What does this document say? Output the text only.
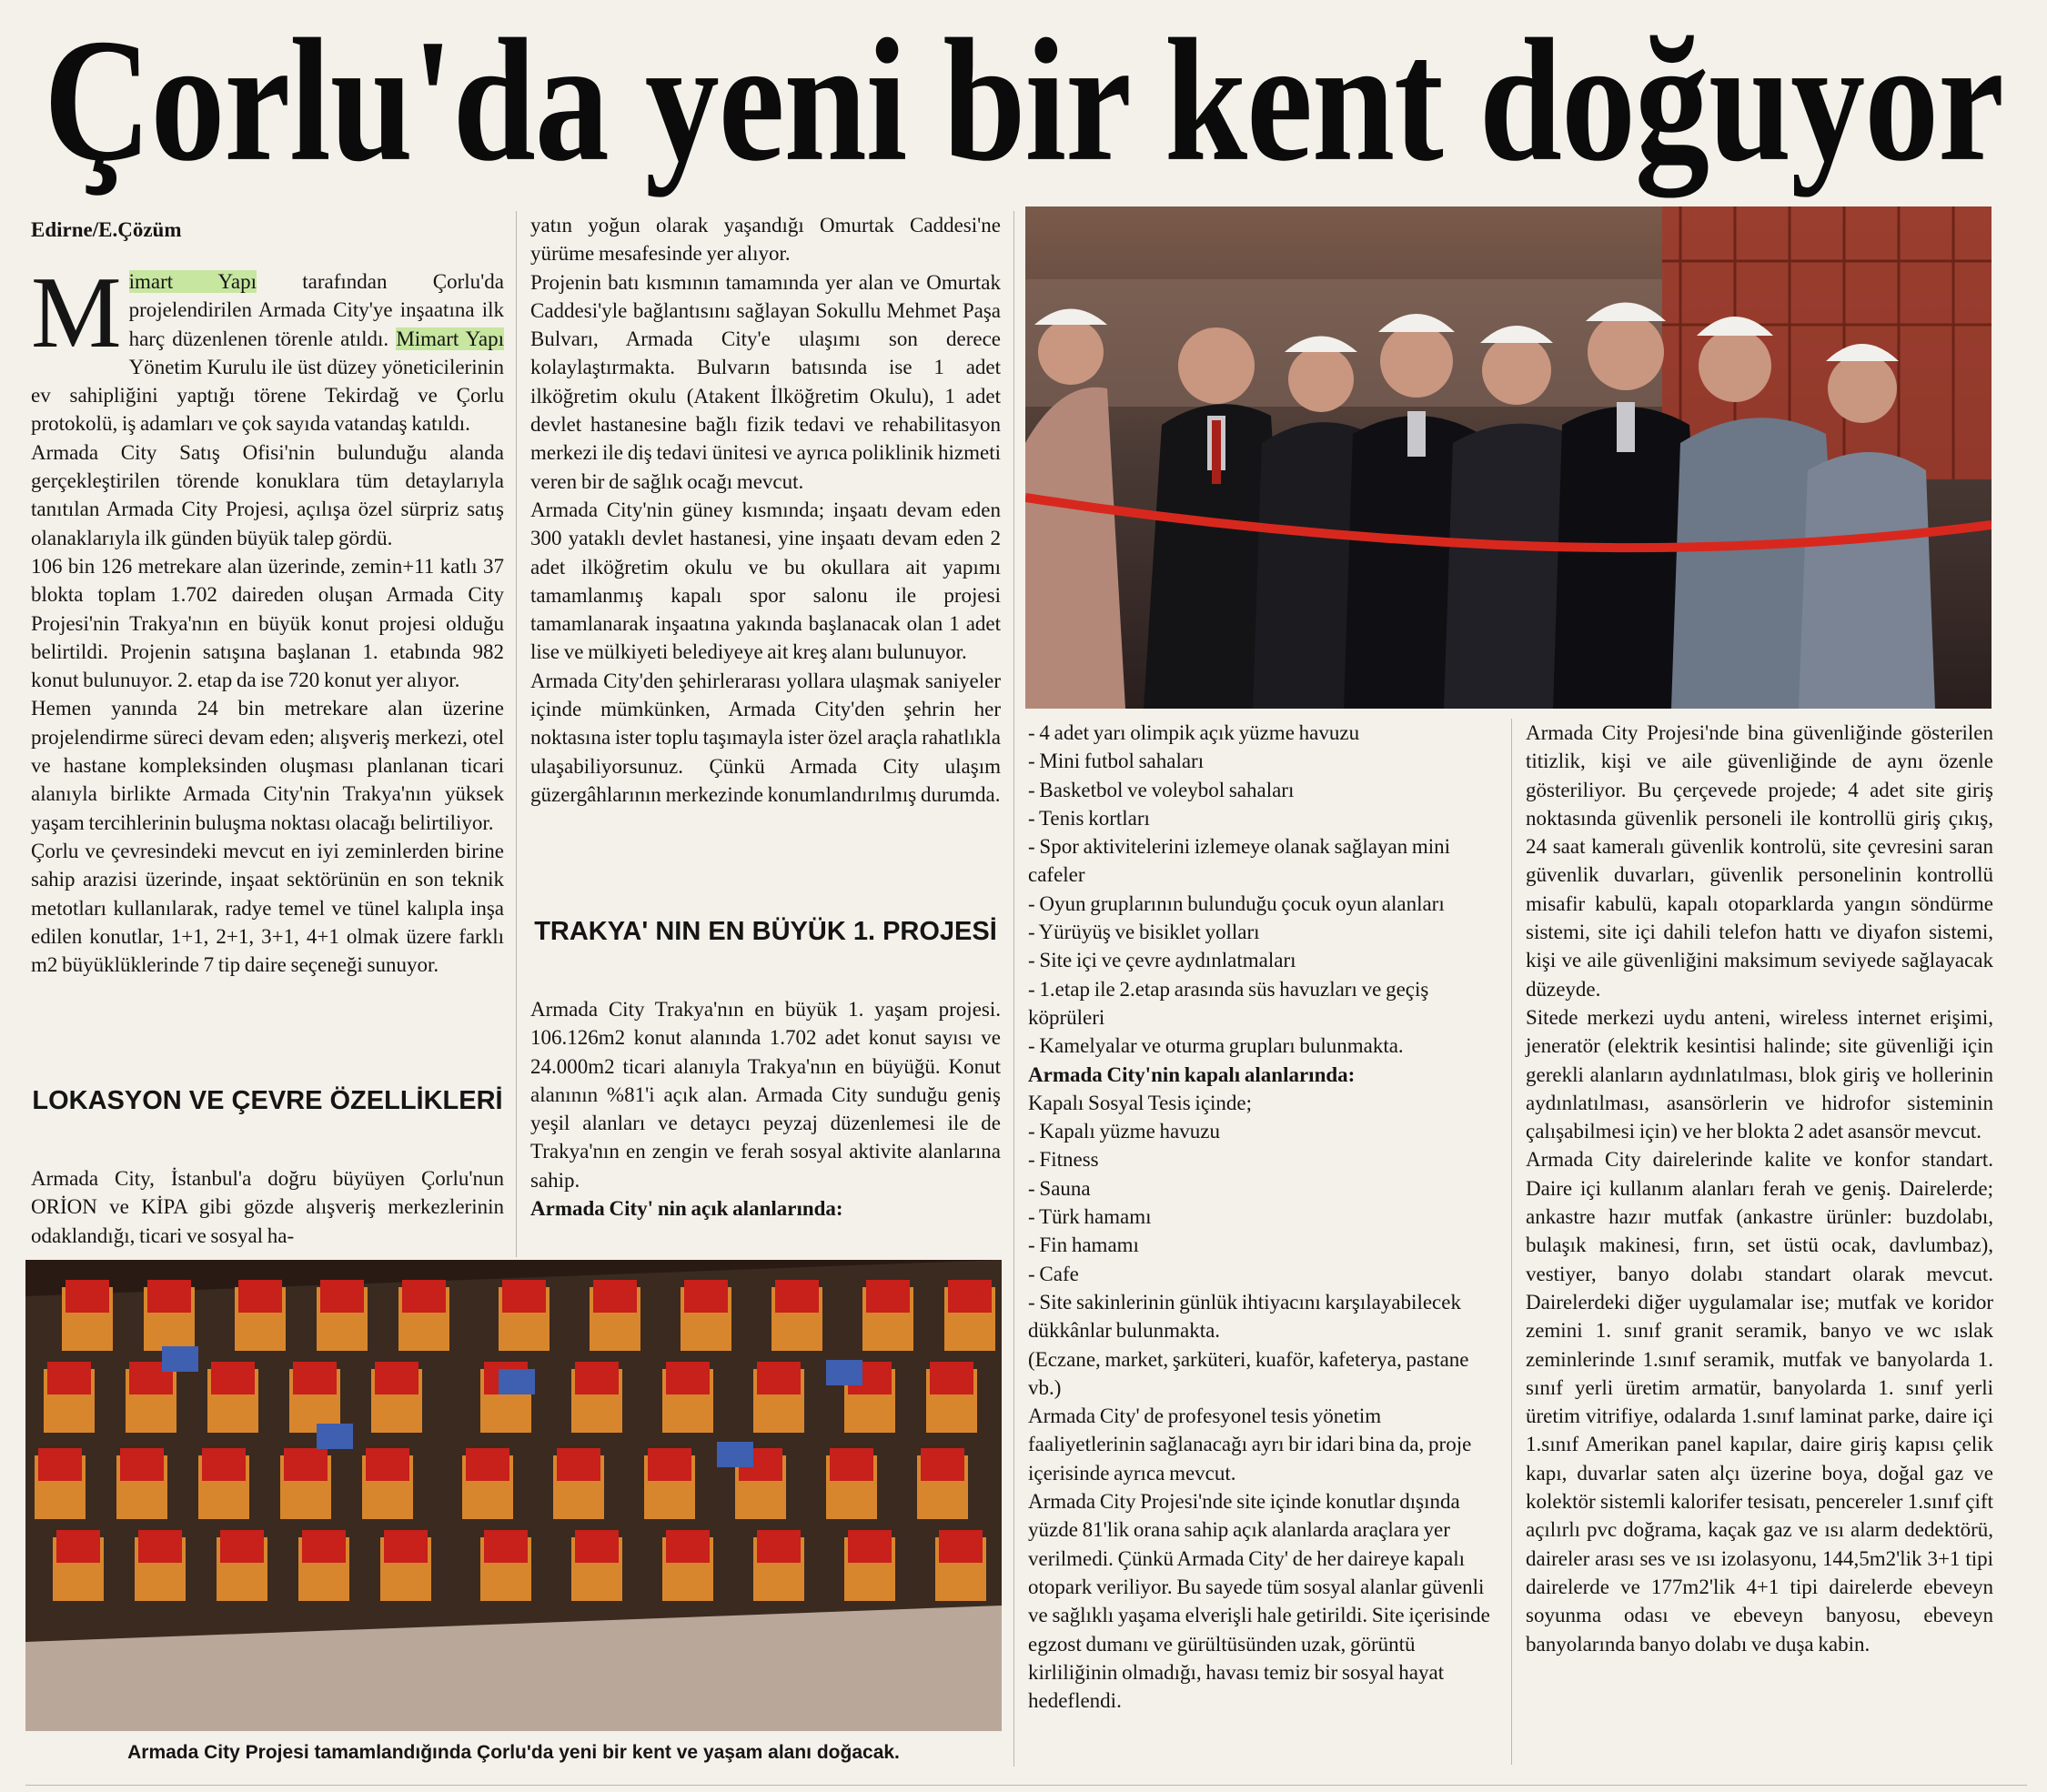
Çorlu'da yeni bir kent doğuyor

Edirne/E.Çözüm

Mimart Yapı tarafından Çorlu'da projelendirilen Armada City'ye inşaatına ilk harç düzenlenen törenle atıldı. Mimart Yapı Yönetim Kurulu ile üst düzey yöneticilerinin ev sahipliğini yaptığı törene Tekirdağ ve Çorlu protokolü, iş adamları ve çok sayıda vatandaş katıldı.

Armada City Satış Ofisi'nin bulunduğu alanda gerçekleştirilen törende konuklara tüm detaylarıyla tanıtılan Armada City Projesi, açılışa özel sürpriz satış olanaklarıyla ilk günden büyük talep gördü.

106 bin 126 metrekare alan üzerinde, zemin+11 katlı 37 blokta toplam 1.702 daireden oluşan Armada City Projesi'nin Trakya'nın en büyük konut projesi olduğu belirtildi. Projenin satışına başlanan 1. etabında 982 konut bulunuyor. 2. etap da ise 720 konut yer alıyor.

Hemen yanında 24 bin metrekare alan üzerine projelendirme süreci devam eden; alışveriş merkezi, otel ve hastane kompleksinden oluşması planlanan ticari alanıyla birlikte Armada City'nin Trakya'nın yüksek yaşam tercihlerinin buluşma noktası olacağı belirtiliyor.

Çorlu ve çevresindeki mevcut en iyi zeminlerden birine sahip arazisi üzerinde, inşaat sektörünün en son teknik metotları kullanılarak, radye temel ve tünel kalıpla inşa edilen konutlar, 1+1, 2+1, 3+1, 4+1 olmak üzere farklı m2 büyüklüklerinde 7 tip daire seçeneği sunuyor.

LOKASYON VE ÇEVRE ÖZELLİKLERİ

Armada City, İstanbul'a doğru büyüyen Çorlu'nun ORİON ve KİPA gibi gözde alışveriş merkezlerinin odaklandığı, ticari ve sosyal ha-

yatın yoğun olarak yaşandığı Omurtak Caddesi'ne yürüme mesafesinde yer alıyor.

Projenin batı kısmının tamamında yer alan ve Omurtak Caddesi'yle bağlantısını sağlayan Sokullu Mehmet Paşa Bulvarı, Armada City'e ulaşımı son derece kolaylaştırmakta. Bulvarın batısında ise 1 adet ilköğretim okulu (Atakent İlköğretim Okulu), 1 adet devlet hastanesine bağlı fizik tedavi ve rehabilitasyon merkezi ile diş tedavi ünitesi ve ayrıca poliklinik hizmeti veren bir de sağlık ocağı mevcut.

Armada City'nin güney kısmında; inşaatı devam eden 300 yataklı devlet hastanesi, yine inşaatı devam eden 2 adet ilköğretim okulu ve bu okullara ait yapımı tamamlanmış kapalı spor salonu ile projesi tamamlanarak inşaatına yakında başlanacak olan 1 adet lise ve mülkiyeti belediyeye ait kreş alanı bulunuyor.

Armada City'den şehirlerarası yollara ulaşmak saniyeler içinde mümkünken, Armada City'den şehrin her noktasına ister toplu taşımayla ister özel araçla rahatlıkla ulaşabiliyorsunuz. Çünkü Armada City ulaşım güzergâhlarının merkezinde konumlandırılmış durumda.

TRAKYA' NIN EN BÜYÜK 1. PROJESİ

Armada City Trakya'nın en büyük 1. yaşam projesi. 106.126m2 konut alanında 1.702 adet konut sayısı ve 24.000m2 ticari alanıyla Trakya'nın en büyüğü. Konut alanının %81'i açık alan. Armada City sunduğu geniş yeşil alanları ve detaycı peyzaj düzenlemesi ile de Trakya'nın en zengin ve ferah sosyal aktivite alanlarına sahip.

Armada City' nin açık alanlarında:

- 4 adet yarı olimpik açık yüzme havuzu

- Mini futbol sahaları

- Basketbol ve voleybol sahaları

- Tenis kortları

- Spor aktivitelerini izlemeye olanak sağlayan mini cafeler

- Oyun gruplarının bulunduğu çocuk oyun alanları

- Yürüyüş ve bisiklet yolları

- Site içi ve çevre aydınlatmaları

- 1.etap ile 2.etap arasında süs havuzları ve geçiş köprüleri

- Kamelyalar ve oturma grupları bulunmakta.

Armada City'nin kapalı alanlarında:

Kapalı Sosyal Tesis içinde;

- Kapalı yüzme havuzu

- Fitness

- Sauna

- Türk hamamı

- Fin hamamı

- Cafe

- Site sakinlerinin günlük ihtiyacını karşılayabilecek dükkânlar bulunmakta.

(Eczane, market, şarküteri, kuaför, kafeterya, pastane vb.)

Armada City' de profesyonel tesis yönetim faaliyetlerinin sağlanacağı ayrı bir idari bina da, proje içerisinde ayrıca mevcut.

Armada City Projesi'nde site içinde konutlar dışında yüzde 81'lik orana sahip açık alanlarda araçlara yer verilmedi. Çünkü Armada City' de her daireye kapalı otopark veriliyor. Bu sayede tüm sosyal alanlar güvenli ve sağlıklı yaşama elverişli hale getirildi. Site içerisinde egzost dumanı ve gürültüsünden uzak, görüntü kirliliğinin olmadığı, havası temiz bir sosyal hayat hedeflendi.

Armada City Projesi'nde bina güvenliğinde gösterilen titizlik, kişi ve aile güvenliğinde de aynı özenle gösteriliyor. Bu çerçevede projede; 4 adet site giriş noktasında güvenlik personeli ile kontrollü giriş çıkış, 24 saat kameralı güvenlik kontrolü, site çevresini saran güvenlik duvarları, güvenlik personelinin kontrollü misafir kabulü, kapalı otoparklarda yangın söndürme sistemi, site içi dahili telefon hattı ve diyafon sistemi, kişi ve aile güvenliğini maksimum seviyede sağlayacak düzeyde.

Sitede merkezi uydu anteni, wireless internet erişimi, jeneratör (elektrik kesintisi halinde; site güvenliği için gerekli alanların aydınlatılması, blok giriş ve hollerinin aydınlatılması, asansörlerin ve hidrofor sisteminin çalışabilmesi için) ve her blokta 2 adet asansör mevcut.

Armada City dairelerinde kalite ve konfor standart. Daire içi kullanım alanları ferah ve geniş. Dairelerde; ankastre hazır mutfak (ankastre ürünler: buzdolabı, bulaşık makinesi, fırın, set üstü ocak, davlumbaz), vestiyer, banyo dolabı standart olarak mevcut. Dairelerdeki diğer uygulamalar ise; mutfak ve koridor zemini 1. sınıf granit seramik, banyo ve wc ıslak zeminlerinde 1.sınıf seramik, mutfak ve banyolarda 1. sınıf yerli üretim armatür, banyolarda 1. sınıf yerli üretim vitrifiye, odalarda 1.sınıf laminat parke, daire içi 1.sınıf Amerikan panel kapılar, daire giriş kapısı çelik kapı, duvarlar saten alçı üzerine boya, doğal gaz ve kolektör sistemli kalorifer tesisatı, pencereler 1.sınıf çift açılırlı pvc doğrama, kaçak gaz ve ısı alarm dedektörü, daireler arası ses ve ısı izolasyonu, 144,5m2'lik 3+1 tipi dairelerde ve 177m2'lik 4+1 tipi dairelerde ebeveyn soyunma odası ve ebeveyn banyosu, ebeveyn banyolarında banyo dolabı ve duşa kabin.

Armada City Projesi tamamlandığında Çorlu'da yeni bir kent ve yaşam alanı doğacak.
